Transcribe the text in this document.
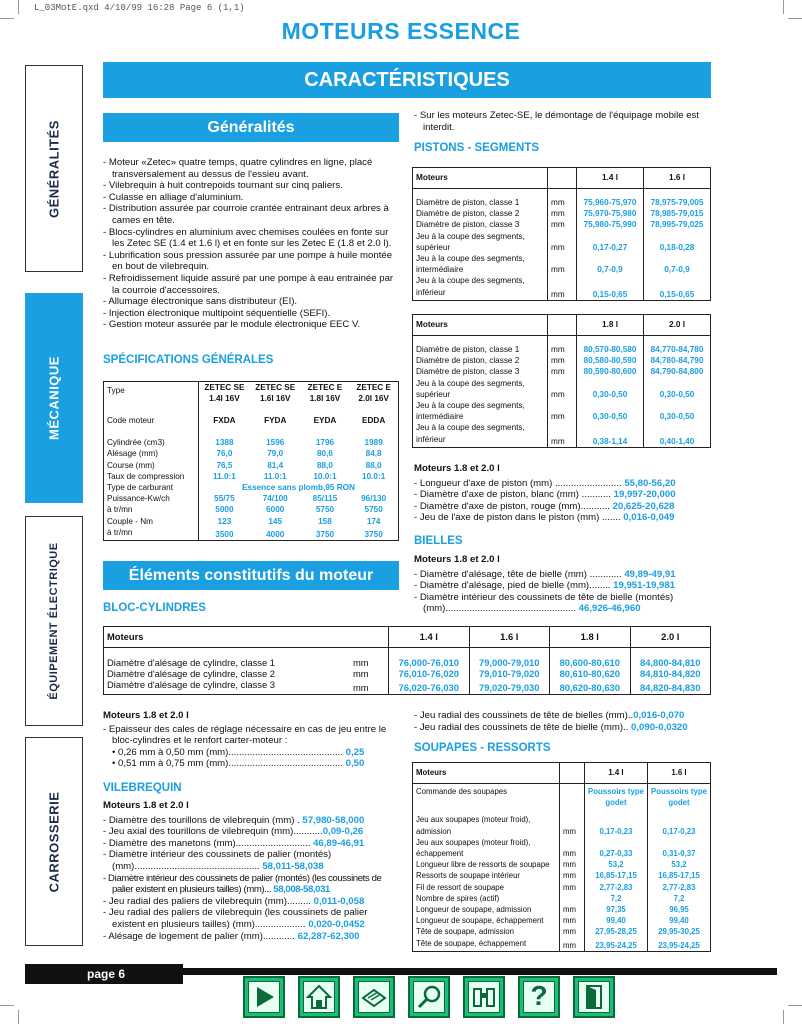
L_03MotE.qxd 4/10/99 16:28 Page 6 (1,1)
MOTEURS ESSENCE
CARACTÉRISTIQUES
GÉNÉRALITÉS
MÉCANIQUE
ÉQUIPEMENT ÉLECTRIQUE
CARROSSERIE
Généralités

- Moteur «Zetec» quatre temps, quatre cylindres en ligne, placé transversalement au dessus de l'essieu avant.

- Vilebrequin à huit contrepoids tournant sur cinq paliers.

- Culasse en alliage d'aluminium.

- Distribution assurée par courroie crantée entrainant deux arbres à cames en tête.

- Blocs-cylindres en aluminium avec chemises coulées en fonte sur les Zetec SE (1.4 et 1.6 l) et en fonte sur les Zetec E (1.8 et 2.0 l).

- Lubrification sous pression assurée par une pompe à huile montée en bout de vilebrequin.

- Refroidissement liquide assuré par une pompe à eau entrainée par la courroie d'accessoires.

- Allumage électronique sans distributeur (EI).

- Injection électronique multipoint séquentielle (SEFI).

- Gestion moteur assurée par le module électronique EEC V.

SPÉCIFICATIONS GÉNÉRALES
Type	ZETEC SE 1.4l 16V	ZETEC SE 1.6l 16V	ZETEC E 1.8l 16V	ZETEC E 2.0l 16V
Code moteur	FXDA	FYDA	EYDA	EDDA
Cylindrée (cm3)	1388	1596	1796	1989
Alésage (mm)	76,0	79,0	80,6	84,8
Course (mm)	76,5	81,4	88,0	88,0
Taux de compression	11.0:1	11.0:1	10.0:1	10.0:1
Type de carburant	Essence sans plomb,95 RON			
Puissance-Kw/ch	55/75	74/100	85/115	96/130
à tr/mn	5000	6000	5750	5750
Couple - Nm	123	145	158	174
à tr/mn	3500	4000	3750	3750
Éléments constitutifs du moteur
BLOC-CYLINDRES
Moteurs		1.4 l	1.6 l	1.8 l	2.0 l
Diamètre d'alésage de cylindre, classe 1	mm	76,000-76,010	79,000-79,010	80,600-80,610	84,800-84,810
Diamètre d'alésage de cylindre, classe 2	mm	76,010-76,020	79,010-79,020	80,610-80,620	84,810-84,820
Diamètre d'alésage de cylindre, classe 3	mm	76,020-76,030	79,020-79,030	80,620-80,630	84,820-84,830
Moteurs 1.8 et 2.0 l

- Epaisseur des cales de réglage nécessaire en cas de jeu entre le bloc-cylindres et le renfort carter-moteur :

• 0,26 mm à 0,50 mm (mm)........................................... 0,25
• 0,51 mm à 0,75 mm (mm)........................................... 0,50
VILEBREQUIN
Moteurs 1.8 et 2.0 l

- Diamètre des tourillons de vilebrequin (mm) . 57,980-58,000

- Jeu axial des tourillons de vilebrequin (mm)...........0,09-0,26

- Diamètre des manetons (mm)............................ 46,89-46,91

- Diamètre intérieur des coussinets de palier (montés) (mm)............................................... 58,011-58,038

- Diamètre intérieur des coussinets de palier (montés) (les coussinets de palier existent en plusieurs tailles) (mm)... 58,008-58,031

- Jeu radial des paliers de vilebrequin (mm)......... 0,011-0,058

- Jeu radial des paliers de vilebrequin (les coussinets de palier existent en plusieurs tailles) (mm)................... 0,020-0,0452

- Alésage de logement de palier (mm)............ 62,287-62,300

- Sur les moteurs Zetec-SE, le démontage de l'équipage mobile est interdit.

PISTONS - SEGMENTS
Moteurs		1.4 l	1.6 l
Diamètre de piston, classe 1	mm	75,960-75,970	78,975-79,005
Diamètre de piston, classe 2	mm	75,970-75,980	78,985-79,015
Diamètre de piston, classe 3	mm	75,980-75,990	78,995-79,025
Jeu à la coupe des segments, supérieur	mm	0,17-0,27	0,18-0,28
Jeu à la coupe des segments, intermédiaire	mm	0,7-0,9	0,7-0,9
Jeu à la coupe des segments, inférieur	mm	0,15-0,65	0,15-0,65
Moteurs		1.8 l	2.0 l
Diamètre de piston, classe 1	mm	80,570-80,580	84,770-84,780
Diamètre de piston, classe 2	mm	80,580-80,590	84,780-84,790
Diamètre de piston, classe 3	mm	80,590-80,600	84,790-84,800
Jeu à la coupe des segments, supérieur	mm	0,30-0,50	0,30-0,50
Jeu à la coupe des segments, intermédiaire	mm	0,30-0,50	0,30-0,50
Jeu à la coupe des segments, inférieur	mm	0,38-1,14	0,40-1,40
Moteurs 1.8 et 2.0 l

- Longueur d'axe de piston (mm) ......................... 55,80-56,20

- Diamètre d'axe de piston, blanc (mm) ........... 19,997-20,000

- Diamètre d'axe de piston, rouge (mm)........... 20,625-20,628

- Jeu de l'axe de piston dans le piston (mm) ....... 0,016-0,049

BIELLES
Moteurs 1.8 et 2.0 l

- Diamètre d'alésage, tête de bielle (mm) ............ 49,89-49,91

- Diamètre d'alésage, pied de bielle (mm)........ 19,951-19,981

- Diamètre intérieur des coussinets de tête de bielle (montés) (mm)................................................. 46,926-46,960

- Jeu radial des coussinets de tête de bielles (mm)..0,016-0,070

- Jeu radial des coussinets de tête de bielle (mm).. 0,090-0,0320

SOUPAPES - RESSORTS
Moteurs		1.4 l	1.6 l
Commande des soupapes		Poussoirs type godet	Poussoirs type godet
Jeu aux soupapes (moteur froid), admission	mm	0,17-0,23	0,17-0,23
Jeu aux soupapes (moteur froid), échappement	mm	0,27-0,33	0,31-0,37
Longueur libre de ressorts de soupape	mm	53,2	53,2
Ressorts de soupape intérieur	mm	16,85-17,15	16,85-17,15
Fil de ressort de soupape	mm	2,77-2,83	2,77-2,83
Nombre de spires (actif)		7,2	7,2
Longueur de soupape, admission	mm	97,35	96,95
Longueur de soupape, échappement	mm	99,40	99,40
Tête de soupape, admission	mm	27,95-28,25	29,95-30,25
Tête de soupape, échappement	mm	23,95-24,25	23,95-24,25
page 6
?
